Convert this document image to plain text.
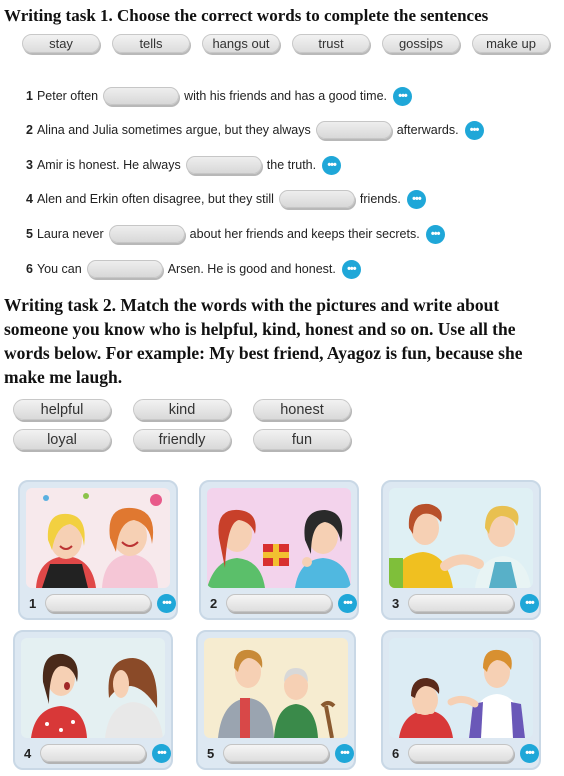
Writing task 1. Choose the correct words to complete the sentences
stay	tells	hangs out	trust	gossips	make up
1 Peter often	with his friends and has a good time.	•••
2 Alina and Julia sometimes argue, but they always	afterwards.	•••
3 Amir is honest. He always	the truth.	•••
4 Alen and Erkin often disagree, but they still	friends.	•••
5 Laura never	about her friends and keeps their secrets.	•••
6 You can	Arsen. He is good and honest.	•••
Writing task 2. Match the words with the pictures and write about
someone you know who is helpful, kind, honest and so on. Use all the
words below. For example: My best friend, Ayagoz is fun, because she
make me laugh.
helpful	kind	honest
loyal	friendly	fun
1	•••	2	•••	3	•••
4	•••	5	•••	6	•••
